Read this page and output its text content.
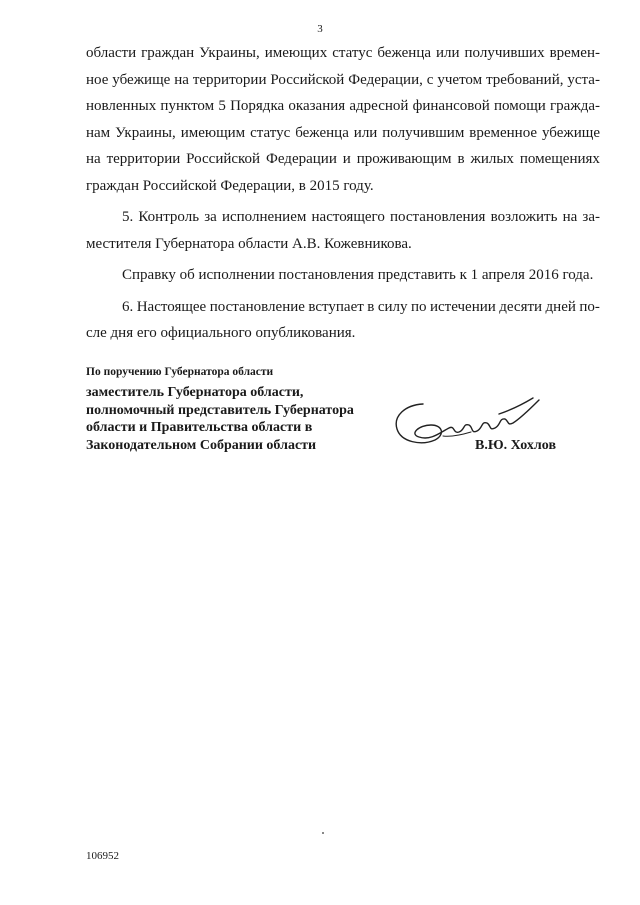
3
области граждан Украины, имеющих статус беженца или получивших времен-
ное убежище на территории Российской Федерации, с учетом требований, уста-
новленных пунктом 5 Порядка оказания адресной финансовой помощи гражда-
нам Украины, имеющим статус беженца или получившим временное убежище
на территории Российской Федерации и проживающим в жилых помещениях
граждан Российской Федерации, в 2015 году.
5. Контроль за исполнением настоящего постановления возложить на за-
местителя Губернатора области А.В. Кожевникова.
Справку об исполнении постановления представить к 1 апреля 2016 года.
6. Настоящее постановление вступает в силу по истечении десяти дней по-
сле дня его официального опубликования.
По поручению Губернатора области
заместитель Губернатора области,
полномочный представитель Губернатора
области и Правительства области в
Законодательном Собрании области	В.Ю. Хохлов
106952
